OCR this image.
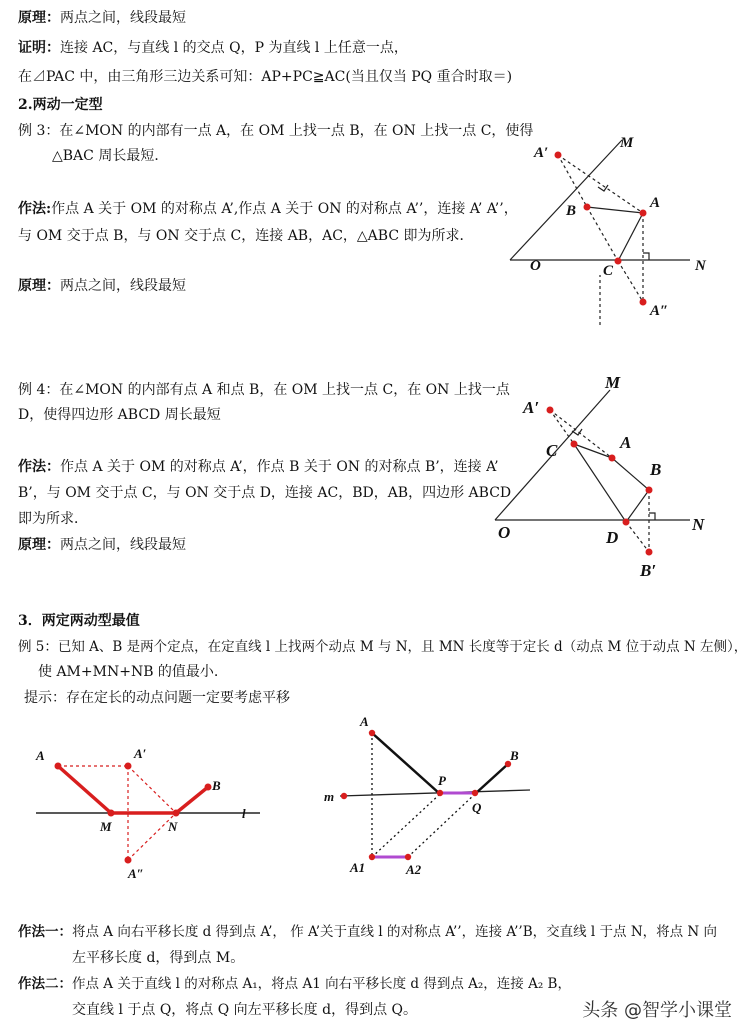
原理：两点之间，线段最短
证明：连接 AC，与直线 l 的交点 Q，P 为直线 l 上任意一点，
在⊿PAC 中，由三角形三边关系可知：AP+PC≧AC(当且仅当 PQ 重合时取＝)
2.两动一定型
例 3：在∠MON 的内部有一点 A，在 OM 上找一点 B，在 ON 上找一点 C，使得
△BAC 周长最短．
作法:作点 A 关于 OM 的对称点 A’,作点 A 关于 ON 的对称点 A’’，连接 A’ A’’，
与 OM 交于点 B，与 ON 交于点 C，连接 AB，AC，△ABC 即为所求．
原理：两点之间，线段最短
M
A′
B	A
O	C	N
A″
例 4：在∠MON 的内部有点 A 和点 B，在 OM 上找一点 C，在 ON 上找一点
D，使得四边形 ABCD 周长最短
作法：作点 A 关于 OM 的对称点 A’，作点 B 关于 ON 的对称点 B’，连接 A’
B’，与 OM 交于点 C，与 ON 交于点 D，连接 AC，BD，AB，四边形 ABCD
即为所求．
原理：两点之间，线段最短
M
A′
A
C
B
O	D
N
B′
3．两定两动型最值
例 5：已知 A、B 是两个定点，在定直线 l 上找两个动点 M 与 N，且 MN 长度等于定长 d（动点 M 位于动点 N 左侧），
使 AM+MN+NB 的值最小.
提示：存在定长的动点问题一定要考虑平移
A	A′
B
M	N
l
A″
A
B
m
P
Q
A1	A2
作法一：将点 A 向右平移长度 d 得到点 A’， 作 A’关于直线 l 的对称点 A’’，连接 A’’B，交直线 l 于点 N，将点 N 向
左平移长度 d，得到点 M。
作法二：作点 A 关于直线 l 的对称点 A₁，将点 A1 向右平移长度 d 得到点 A₂，连接 A₂ B，
交直线 l 于点 Q，将点 Q 向左平移长度 d，得到点 Q。	头条 @智学小课堂
